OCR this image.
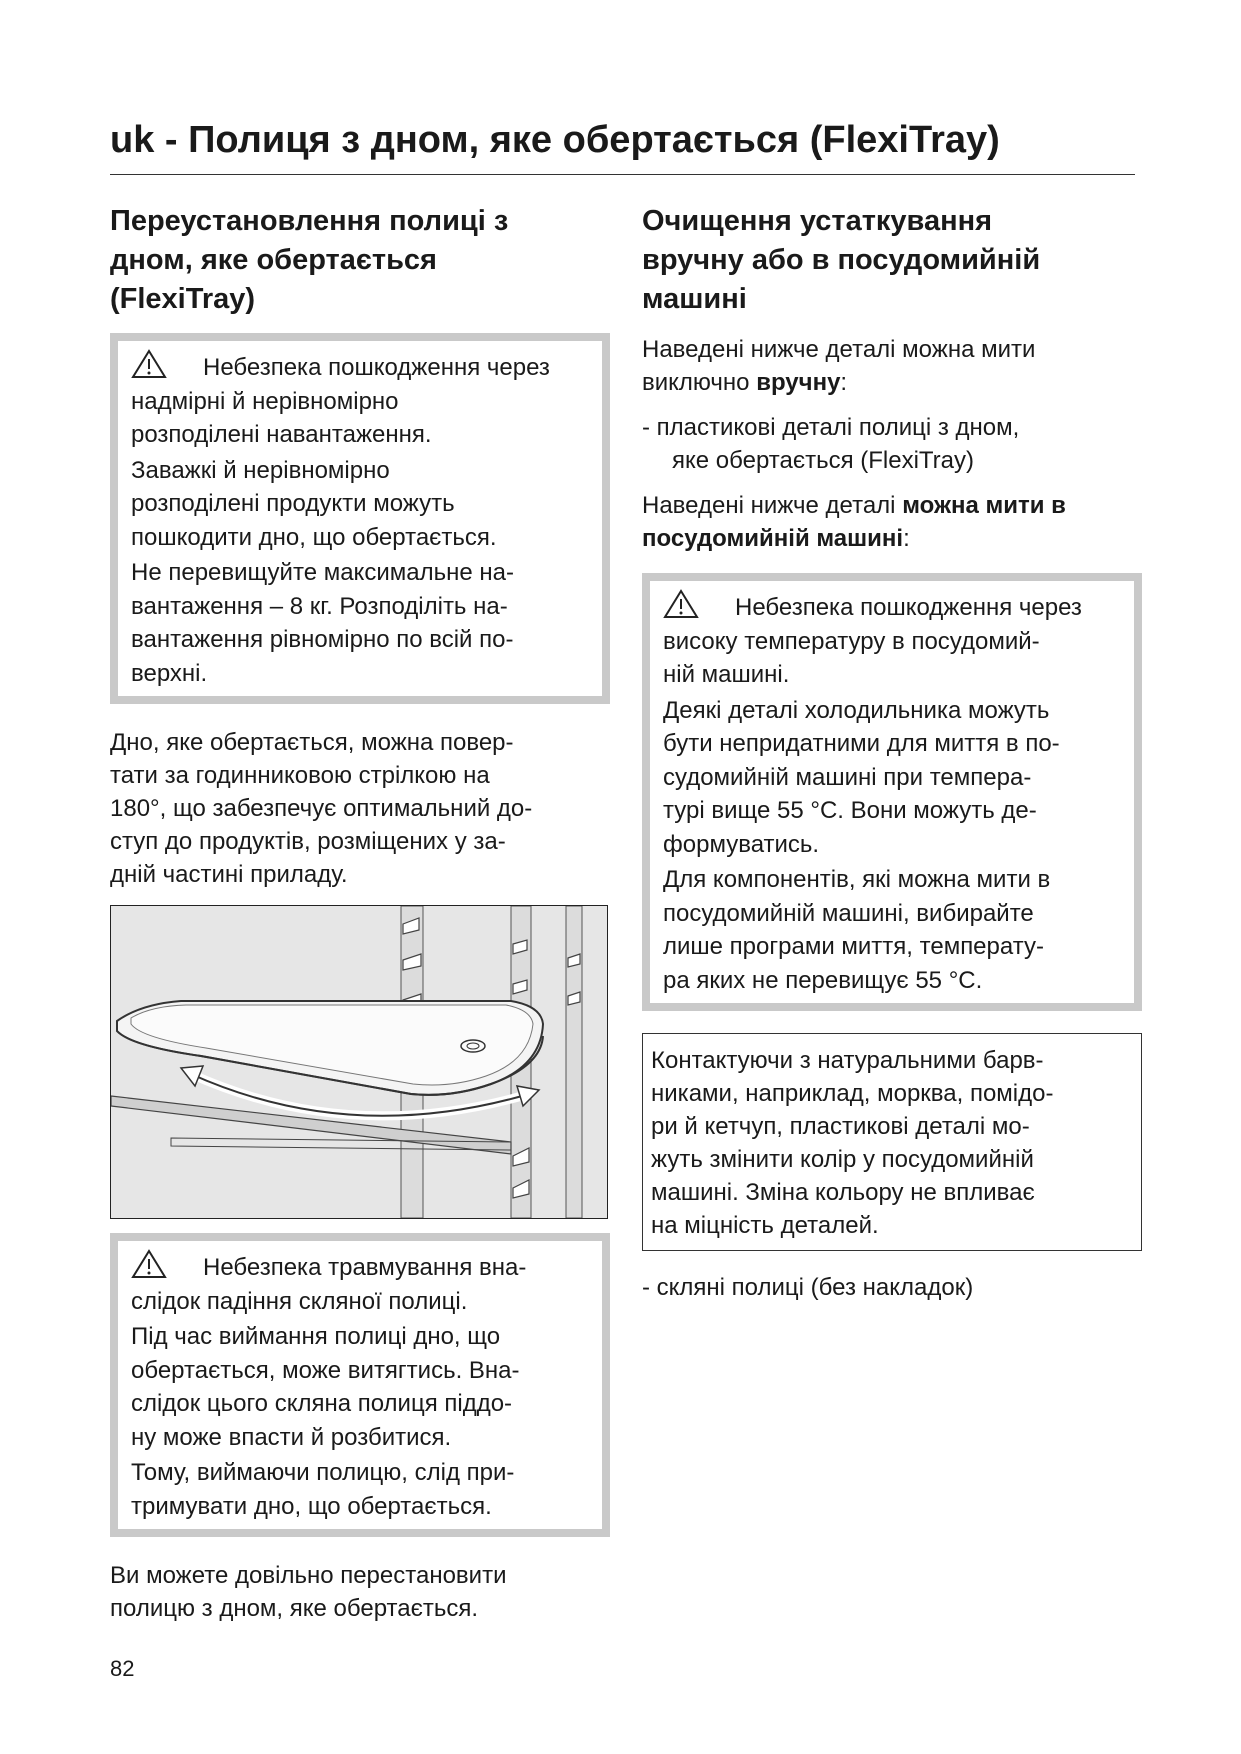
uk - Полиця з дном, яке обертається (FlexiTray)
Переустановлення полиці з
дном, яке обертається
(FlexiTray)

Небезпека пошкодження через
надмірні й нерівномірно
розподілені навантаження.

Заважкі й нерівномірно
розподілені продукти можуть
пошкодити дно, що обертається.

Не перевищуйте максимальне на-
вантаження – 8 кг. Розподіліть на-
вантаження рівномірно по всій по-
верхні.

Дно, яке обертається, можна повер-
тати за годинниковою стрілкою на
180°, що забезпечує оптимальний до-
ступ до продуктів, розміщених у за-
дній частині приладу.

Небезпека травмування вна-
слідок падіння скляної полиці.

Під час виймання полиці дно, що
обертається, може витягтись. Вна-
слідок цього скляна полиця піддо-
ну може впасти й розбитися.

Тому, виймаючи полицю, слід при-
тримувати дно, що обертається.

Ви можете довільно перестановити
полицю з дном, яке обертається.

Очищення устаткування
вручну або в посудомийній
машині

Наведені нижче деталі можна мити
виключно вручну:

- пластикові деталі полиці з дном,
яке обертається (FlexiTray)

Наведені нижче деталі можна мити в
посудомийній машині:

Небезпека пошкодження через
високу температуру в посудомий-
ній машині.

Деякі деталі холодильника можуть
бути непридатними для миття в по-
судомийній машині при темпера-
турі вище 55 °C. Вони можуть де-
формуватись.

Для компонентів, які можна мити в
посудомийній машині, вибирайте
лише програми миття, температу-
ра яких не перевищує 55 °C.

Контактуючи з натуральними барв-
никами, наприклад, морква, помідо-
ри й кетчуп, пластикові деталі мо-
жуть змінити колір у посудомийній
машині. Зміна кольору не впливає
на міцність деталей.

- скляні полиці (без накладок)

82
